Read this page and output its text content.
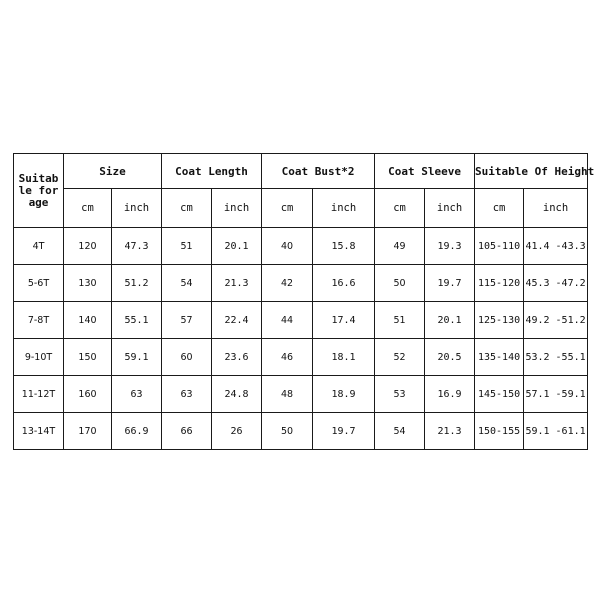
Suitab
le for
age	Size		Coat Length		Coat Bust*2		Coat Sleeve		Suitable Of Height	
	cm	inch	cm	inch	cm	inch	cm	inch	cm	inch
4T	120	47.3	51	20.1	40	15.8	49	19.3	105-110	41.4 -43.3
5-6T	130	51.2	54	21.3	42	16.6	50	19.7	115-120	45.3 -47.2
7-8T	140	55.1	57	22.4	44	17.4	51	20.1	125-130	49.2 -51.2
9-10T	150	59.1	60	23.6	46	18.1	52	20.5	135-140	53.2 -55.1
11-12T	160	63	63	24.8	48	18.9	53	16.9	145-150	57.1 -59.1
13-14T	170	66.9	66	26	50	19.7	54	21.3	150-155	59.1 -61.1
